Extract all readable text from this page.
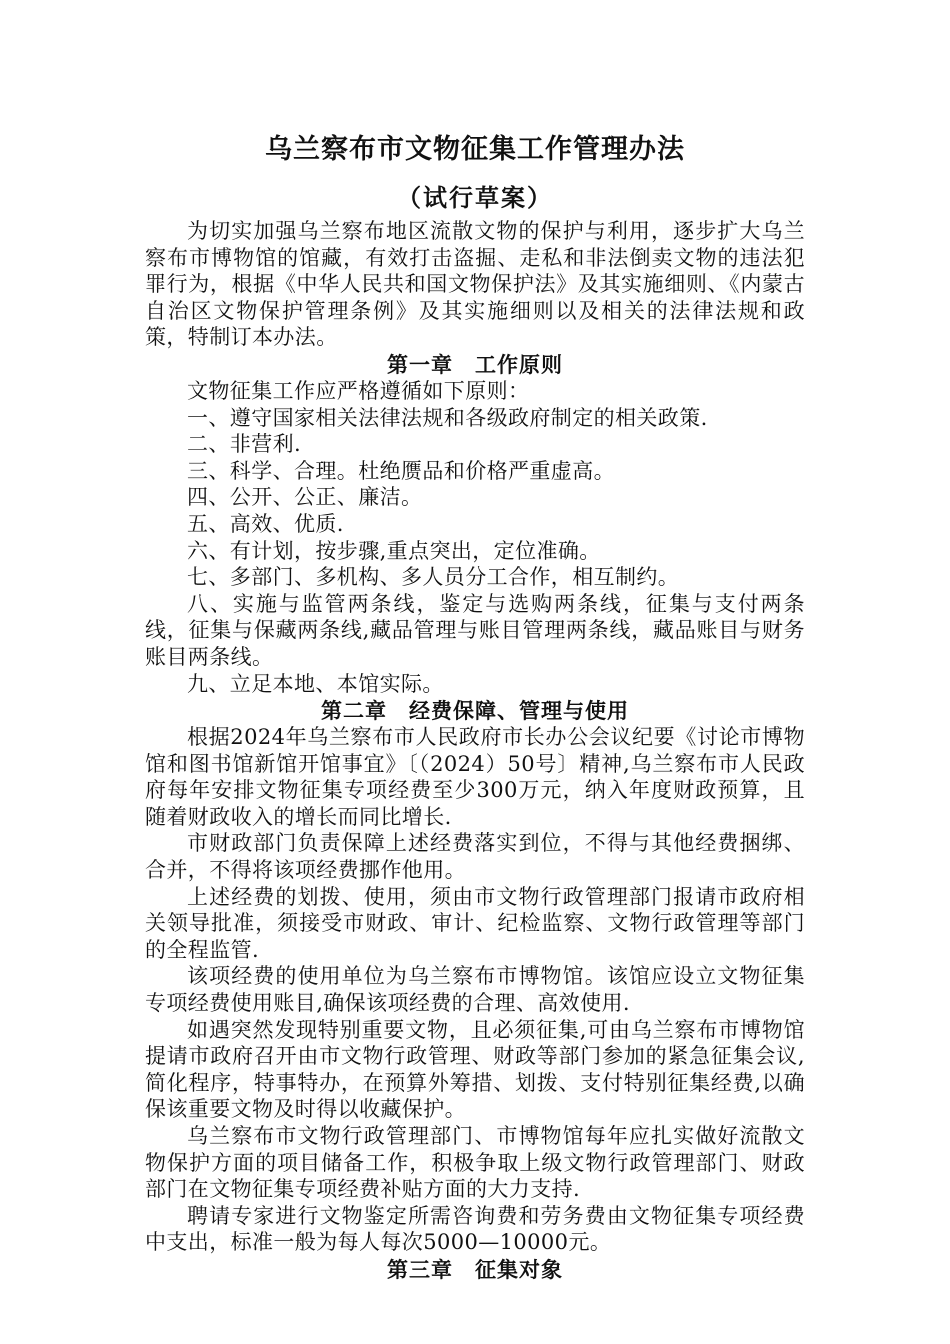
乌兰察布市文物征集工作管理办法
（试行草案）

为切实加强乌兰察布地区流散文物的保护与利用，逐步扩大乌兰察布市博物馆的馆藏，有效打击盗掘、走私和非法倒卖文物的违法犯罪行为，根据《中华人民共和国文物保护法》及其实施细则、《内蒙古自治区文物保护管理条例》及其实施细则以及相关的法律法规和政策，特制订本办法。

第一章　工作原则

文物征集工作应严格遵循如下原则：

一、遵守国家相关法律法规和各级政府制定的相关政策.

二、非营利.

三、科学、合理。杜绝赝品和价格严重虚高。

四、公开、公正、廉洁。

五、高效、优质.

六、有计划，按步骤,重点突出，定位准确。

七、多部门、多机构、多人员分工合作，相互制约。

八、实施与监管两条线，鉴定与选购两条线，征集与支付两条线，征集与保藏两条线,藏品管理与账目管理两条线，藏品账目与财务账目两条线。

九、立足本地、本馆实际。

第二章　经费保障、管理与使用

根据2024年乌兰察布市人民政府市长办公会议纪要《讨论市博物馆和图书馆新馆开馆事宜》〔（2024）50号〕精神,乌兰察布市人民政府每年安排文物征集专项经费至少300万元，纳入年度财政预算，且随着财政收入的增长而同比增长.

市财政部门负责保障上述经费落实到位，不得与其他经费捆绑、合并，不得将该项经费挪作他用。

上述经费的划拨、使用，须由市文物行政管理部门报请市政府相关领导批准，须接受市财政、审计、纪检监察、文物行政管理等部门的全程监管.

该项经费的使用单位为乌兰察布市博物馆。该馆应设立文物征集专项经费使用账目,确保该项经费的合理、高效使用.

如遇突然发现特别重要文物，且必须征集,可由乌兰察布市博物馆提请市政府召开由市文物行政管理、财政等部门参加的紧急征集会议,简化程序，特事特办，在预算外筹措、划拨、支付特别征集经费,以确保该重要文物及时得以收藏保护。

乌兰察布市文物行政管理部门、市博物馆每年应扎实做好流散文物保护方面的项目储备工作，积极争取上级文物行政管理部门、财政部门在文物征集专项经费补贴方面的大力支持.

聘请专家进行文物鉴定所需咨询费和劳务费由文物征集专项经费中支出，标准一般为每人每次5000—10000元。

第三章　征集对象
